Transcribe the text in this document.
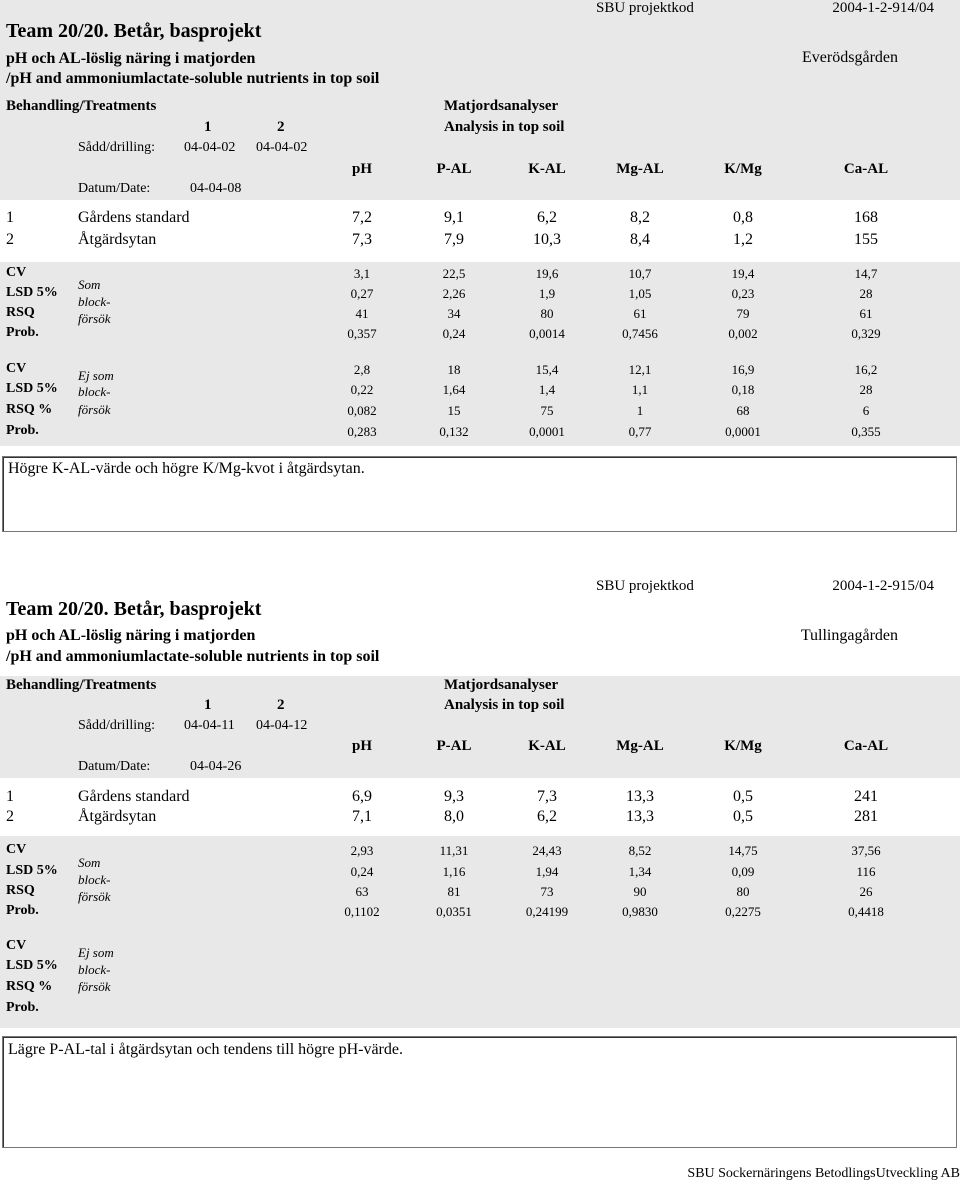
SBU projektkod	2004-1-2-914/04
Team 20/20. Betår, basprojekt
pH och AL-löslig näring i matjorden
/pH and ammoniumlactate-soluble nutrients in top soil
Everödsgården
Behandling/Treatments	Matjordsanalyser
1	2	Analysis in top soil
Sådd/drilling: 04-04-02 04-04-02
pH	P-AL	K-AL	Mg-AL	K/Mg	Ca-AL
Datum/Date:	04-04-08
1	Gårdens standard	7,2	9,1	6,2	8,2	0,8	168
2	Åtgärdsytan	7,3	7,9	10,3	8,4	1,2	155
Som
block-
försök
CV	3,1	22,5	19,6	10,7	19,4	14,7
LSD 5%	0,27	2,26	1,9	1,05	0,23	28
RSQ	41	34	80	61	79	61
Prob.	0,357	0,24	0,0014	0,7456	0,002	0,329
Ej som
block-
försök
CV	2,8	18	15,4	12,1	16,9	16,2
LSD 5%	0,22	1,64	1,4	1,1	0,18	28
RSQ %	0,082	15	75	1	68	6
Prob.	0,283	0,132	0,0001	0,77	0,0001	0,355
Högre K-AL-värde och högre K/Mg-kvot i åtgärdsytan.
SBU projektkod	2004-1-2-915/04
Team 20/20. Betår, basprojekt
pH och AL-löslig näring i matjorden
/pH and ammoniumlactate-soluble nutrients in top soil
Tullingagården
Behandling/Treatments	Matjordsanalyser
1	2	Analysis in top soil
Sådd/drilling: 04-04-11 04-04-12
pH	P-AL	K-AL	Mg-AL	K/Mg	Ca-AL
Datum/Date:	04-04-26
1	Gårdens standard	6,9	9,3	7,3	13,3	0,5	241
2	Åtgärdsytan	7,1	8,0	6,2	13,3	0,5	281
Som
block-
försök
CV	2,93	11,31	24,43	8,52	14,75	37,56
LSD 5%	0,24	1,16	1,94	1,34	0,09	116
RSQ	63	81	73	90	80	26
Prob.	0,1102	0,0351	0,24199	0,9830	0,2275	0,4418
Ej som
block-
försök
CV
LSD 5%
RSQ %
Prob.
Lägre P-AL-tal i åtgärdsytan och tendens till högre pH-värde.
SBU Sockernäringens BetodlingsUtveckling AB
